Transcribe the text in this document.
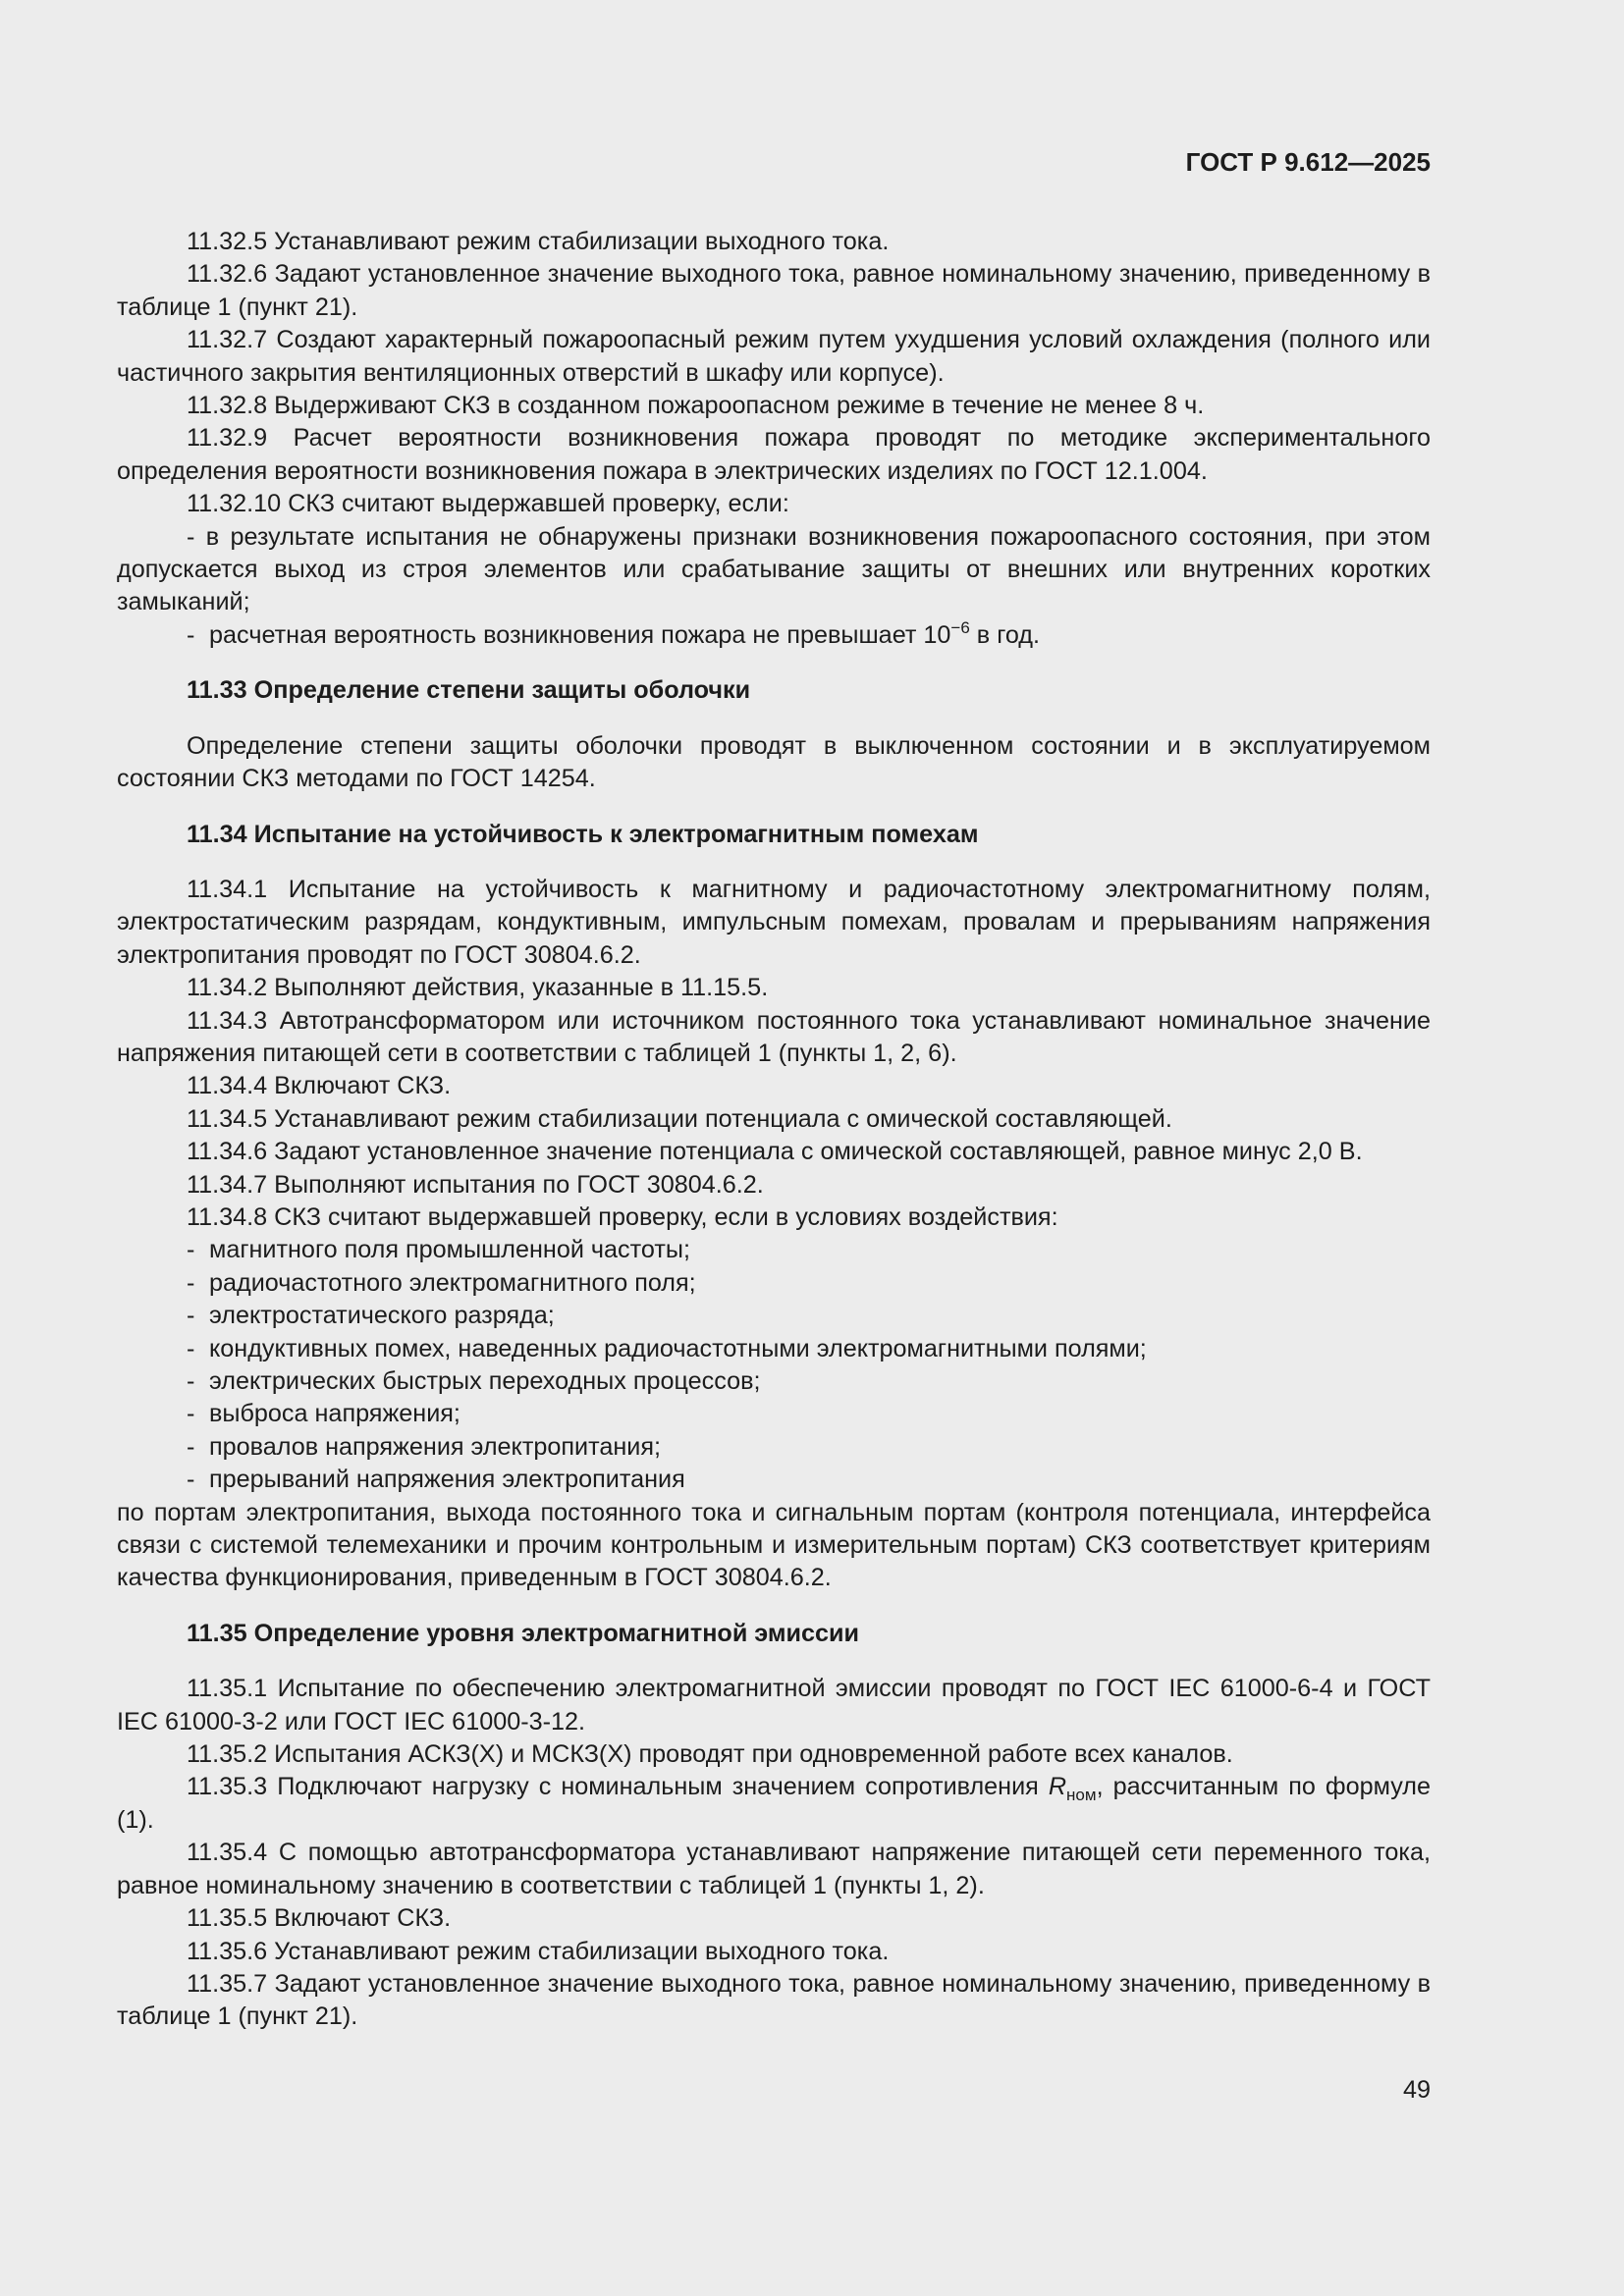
ГОСТ Р 9.612—2025

11.32.5 Устанавливают режим стабилизации выходного тока.

11.32.6 Задают установленное значение выходного тока, равное номинальному значению, приведенному в таблице 1 (пункт 21).

11.32.7 Создают характерный пожароопасный режим путем ухудшения условий охлаждения (полного или частичного закрытия вентиляционных отверстий в шкафу или корпусе).

11.32.8 Выдерживают СКЗ в созданном пожароопасном режиме в течение не менее 8 ч.

11.32.9 Расчет вероятности возникновения пожара проводят по методике экспериментального определения вероятности возникновения пожара в электрических изделиях по ГОСТ 12.1.004.

11.32.10 СКЗ считают выдержавшей проверку, если:

- в результате испытания не обнаружены признаки возникновения пожароопасного состояния, при этом допускается выход из строя элементов или срабатывание защиты от внешних или внутренних коротких замыканий;

- расчетная вероятность возникновения пожара не превышает $10^{-6}$ в год.

11.33 Определение степени защиты оболочки

Определение степени защиты оболочки проводят в выключенном состоянии и в эксплуатируемом состоянии СКЗ методами по ГОСТ 14254.

11.34 Испытание на устойчивость к электромагнитным помехам

11.34.1 Испытание на устойчивость к магнитному и радиочастотному электромагнитному полям, электростатическим разрядам, кондуктивным, импульсным помехам, провалам и прерываниям напряжения электропитания проводят по ГОСТ 30804.6.2.

11.34.2 Выполняют действия, указанные в 11.15.5.

11.34.3 Автотрансформатором или источником постоянного тока устанавливают номинальное значение напряжения питающей сети в соответствии с таблицей 1 (пункты 1, 2, 6).

11.34.4 Включают СКЗ.

11.34.5 Устанавливают режим стабилизации потенциала с омической составляющей.

11.34.6 Задают установленное значение потенциала с омической составляющей, равное минус 2,0 В.

11.34.7 Выполняют испытания по ГОСТ 30804.6.2.

11.34.8 СКЗ считают выдержавшей проверку, если в условиях воздействия:

- магнитного поля промышленной частоты;

- радиочастотного электромагнитного поля;

- электростатического разряда;

- кондуктивных помех, наведенных радиочастотными электромагнитными полями;

- электрических быстрых переходных процессов;

- выброса напряжения;

- провалов напряжения электропитания;

- прерываний напряжения электропитания

по портам электропитания, выхода постоянного тока и сигнальным портам (контроля потенциала, интерфейса связи с системой телемеханики и прочим контрольным и измерительным портам) СКЗ соответствует критериям качества функционирования, приведенным в ГОСТ 30804.6.2.

11.35 Определение уровня электромагнитной эмиссии

11.35.1 Испытание по обеспечению электромагнитной эмиссии проводят по ГОСТ IEC 61000-6-4 и ГОСТ IEC 61000-3-2 или ГОСТ IEC 61000-3-12.

11.35.2 Испытания АСКЗ(Х) и МСКЗ(Х) проводят при одновременной работе всех каналов.

11.35.3 Подключают нагрузку с номинальным значением сопротивления $R_{ном}$, рассчитанным по формуле (1).

11.35.4 С помощью автотрансформатора устанавливают напряжение питающей сети переменного тока, равное номинальному значению в соответствии с таблицей 1 (пункты 1, 2).

11.35.5 Включают СКЗ.

11.35.6 Устанавливают режим стабилизации выходного тока.

11.35.7 Задают установленное значение выходного тока, равное номинальному значению, приведенному в таблице 1 (пункт 21).

49
